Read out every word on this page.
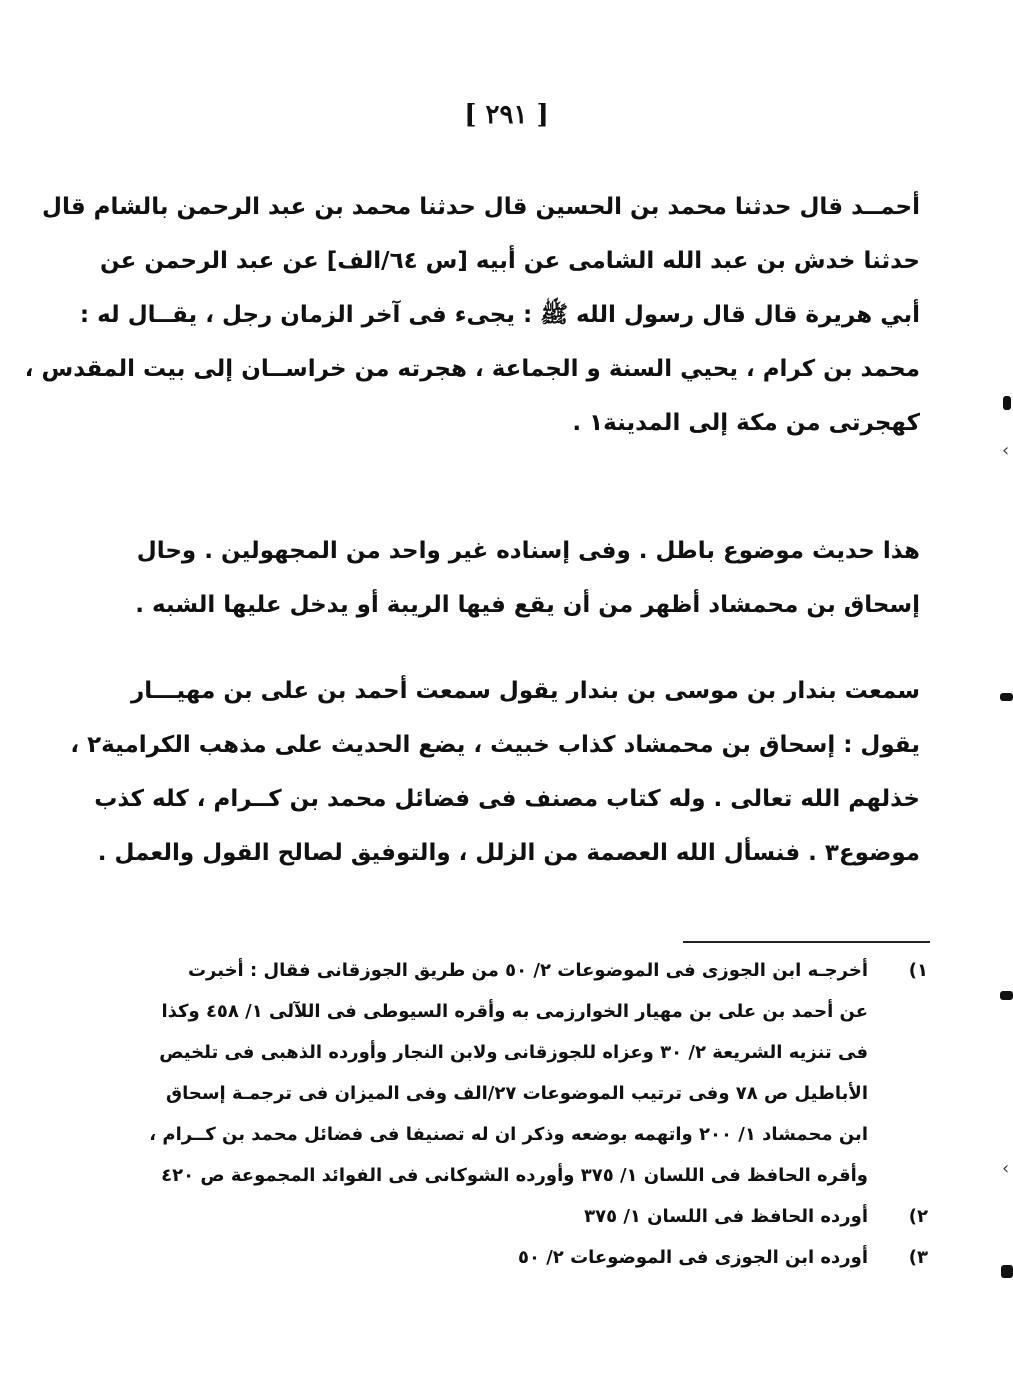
[ ٢٩١ ]
أحمــد قال حدثنا محمد بن الحسين قال حدثنا محمد بن عبد الرحمن بالشام قال
حدثنا خدش بن عبد الله الشامى عن أبيه [س ٦٤/الف] عن عبد الرحمن عن
أبي هريرة قال قال رسول الله ﷺ : يجىء فى آخر الزمان رجل ، يقــال له :
محمد بن كرام ، يحيي السنة و الجماعة ، هجرته من خراســان إلى بيت المقدس ،
كهجرتى من مكة إلى المدينة١ .
هذا حديث موضوع باطل . وفى إسناده غير واحد من المجهولين . وحال
إسحاق بن محمشاد أظهر من أن يقع فيها الريبة أو يدخل عليها الشبه .
سمعت بندار بن موسى بن بندار يقول سمعت أحمد بن على بن مهيـــار
يقول : إسحاق بن محمشاد كذاب خبيث ، يضع الحديث على مذهب الكرامية٢ ،
خذلهم الله تعالى . وله كتاب مصنف فى فضائل محمد بن كــرام ، كله كذب
موضوع٣ . فنسأل الله العصمة من الزلل ، والتوفيق لصالح القول والعمل .
١)
أخرجـه ابن الجوزى فى الموضوعات ٢/ ٥٠ من طريق الجوزقانى فقال : أخبرت
عن أحمد بن على بن مهيار الخوارزمى به وأقره السيوطى فى اللآلى ١/ ٤٥٨ وكذا
فى تنزيه الشريعة ٢/ ٣٠ وعزاه للجوزقانى ولابن النجار وأورده الذهبى فى تلخيص
الأباطيل ص ٧٨ وفى ترتيب الموضوعات ٢٧/الف وفى الميزان فى ترجمـة إسحاق
ابن محمشاد ١/ ٢٠٠ واتهمه بوضعه وذكر ان له تصنيفا فى فضائل محمد بن كــرام ،
وأقره الحافظ فى اللسان ١/ ٣٧٥ وأورده الشوكانى فى الفوائد المجموعة ص ٤٢٠
٢)
أورده الحافظ فى اللسان ١/ ٣٧٥
٣)
أورده ابن الجوزى فى الموضوعات ٢/ ٥٠
‹
‹
